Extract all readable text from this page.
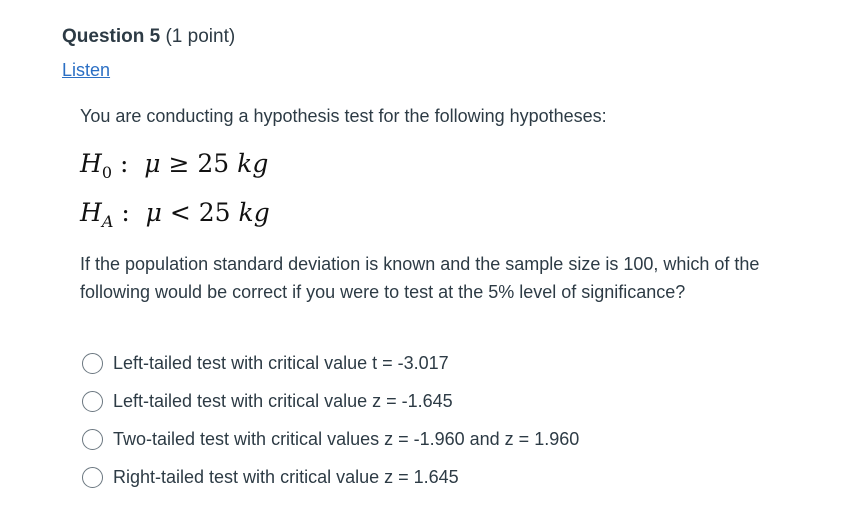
Question 5 (1 point)
Listen
You are conducting a hypothesis test for the following hypotheses:
$H_0$ : μ ≥ 25 kg
$H_A$ : μ < 25 kg
If the population standard deviation is known and the sample size is 100, which of the following would be correct if you were to test at the 5% level of significance?
Left-tailed test with critical value t = -3.017
Left-tailed test with critical value z = -1.645
Two-tailed test with critical values z = -1.960 and z = 1.960
Right-tailed test with critical value z = 1.645
